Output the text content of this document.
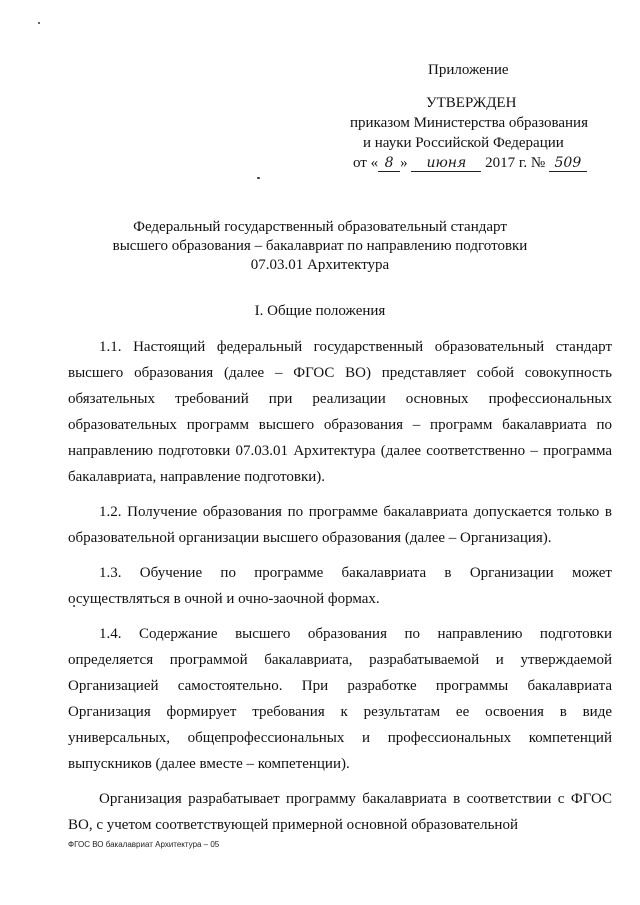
Приложение
УТВЕРЖДЕН
приказом Министерства образования
и науки Российской Федерации
от « 8 » июня 2017 г. № 509
Федеральный государственный образовательный стандарт
высшего образования – бакалавриат по направлению подготовки
07.03.01 Архитектура
I. Общие положения

1.1. Настоящий федеральный государственный образовательный стандарт высшего образования (далее – ФГОС ВО) представляет собой совокупность обязательных требований при реализации основных профессиональных образовательных программ высшего образования – программ бакалавриата по направлению подготовки 07.03.01 Архитектура (далее соответственно – программа бакалавриата, направление подготовки).

1.2. Получение образования по программе бакалавриата допускается только в образовательной организации высшего образования (далее – Организация).

1.3. Обучение по программе бакалавриата в Организации может осуществляться в очной и очно-заочной формах.

1.4. Содержание высшего образования по направлению подготовки определяется программой бакалавриата, разрабатываемой и утверждаемой Организацией самостоятельно. При разработке программы бакалавриата Организация формирует требования к результатам ее освоения в виде универсальных, общепрофессиональных и профессиональных компетенций выпускников (далее вместе – компетенции).

Организация разрабатывает программу бакалавриата в соответствии с ФГОС ВО, с учетом соответствующей примерной основной образовательной

ФГОС ВО бакалавриат Архитектура – 05
